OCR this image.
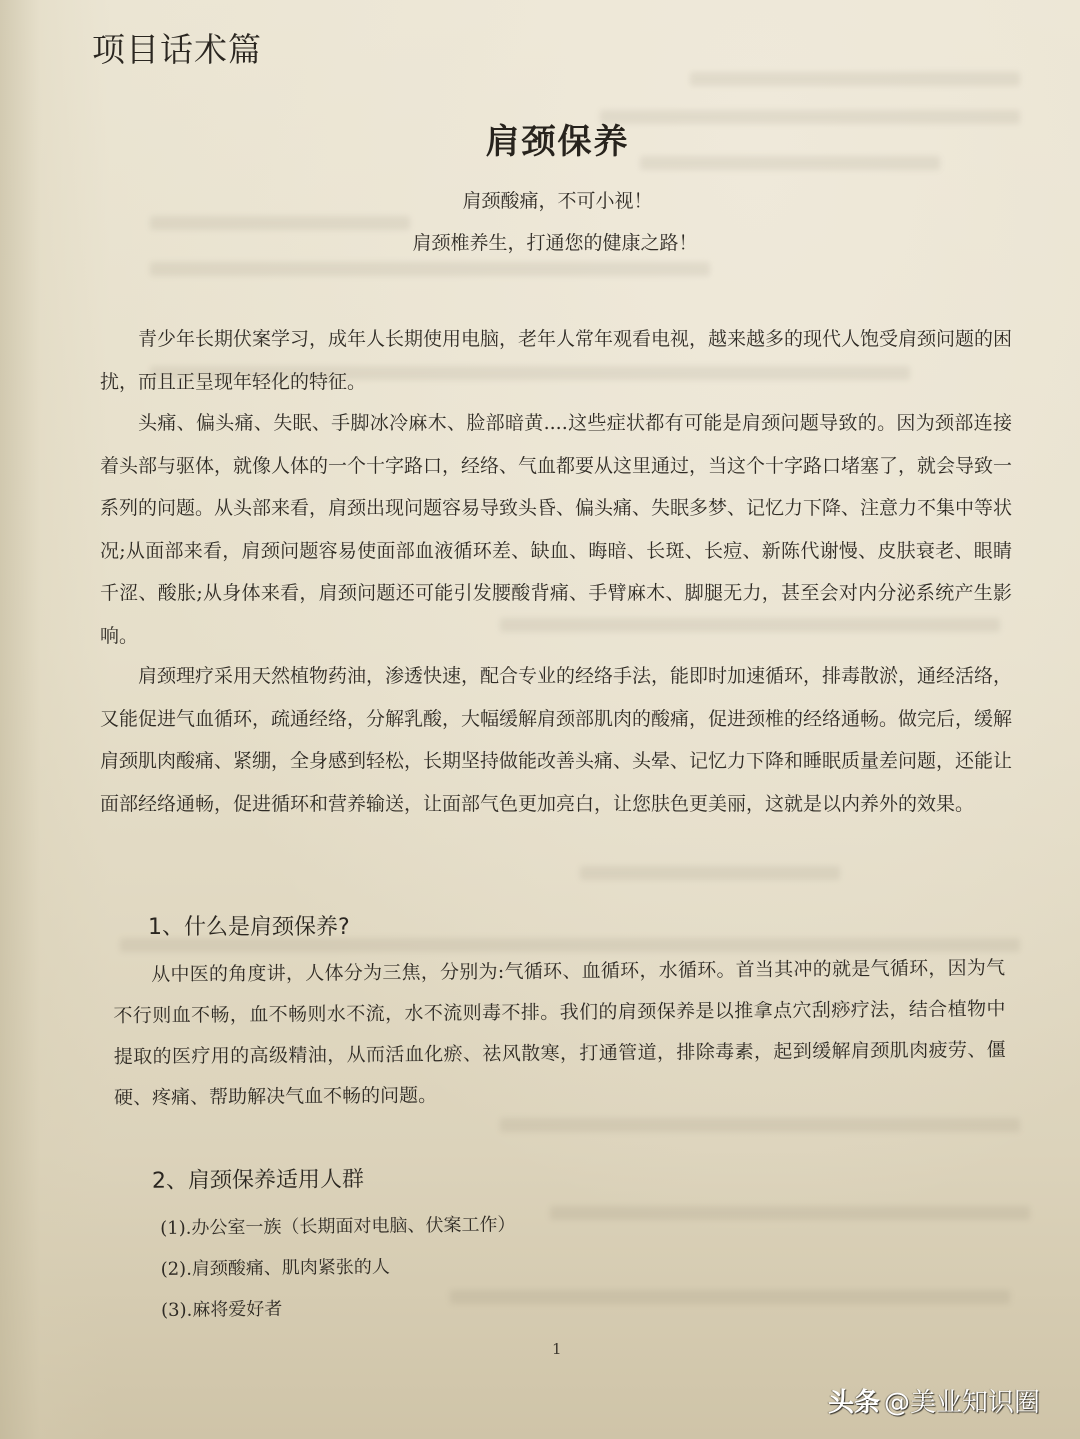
项目话术篇
肩颈保养
肩颈酸痛，不可小视！
肩颈椎养生，打通您的健康之路！

青少年长期伏案学习，成年人长期使用电脑，老年人常年观看电视，越来越多的现代人饱受肩颈问题的困扰，而且正呈现年轻化的特征。

头痛、偏头痛、失眠、手脚冰冷麻木、脸部暗黄....这些症状都有可能是肩颈问题导致的。因为颈部连接着头部与驱体，就像人体的一个十字路口，经络、气血都要从这里通过，当这个十字路口堵塞了，就会导致一系列的问题。从头部来看，肩颈出现问题容易导致头昏、偏头痛、失眠多梦、记忆力下降、注意力不集中等状况;从面部来看，肩颈问题容易使面部血液循环差、缺血、晦暗、长斑、长痘、新陈代谢慢、皮肤衰老、眼睛千涩、酸胀;从身体来看，肩颈问题还可能引发腰酸背痛、手臂麻木、脚腿无力，甚至会对内分泌系统产生影响。

肩颈理疗采用天然植物药油，渗透快速，配合专业的经络手法，能即时加速循环，排毒散淤，通经活络，又能促进气血循环，疏通经络，分解乳酸，大幅缓解肩颈部肌肉的酸痛，促进颈椎的经络通畅。做完后，缓解肩颈肌肉酸痛、紧绷，全身感到轻松，长期坚持做能改善头痛、头晕、记忆力下降和睡眠质量差问题，还能让面部经络通畅，促进循环和营养输送，让面部气色更加亮白，让您肤色更美丽，这就是以内养外的效果。

1、什么是肩颈保养?

从中医的角度讲，人体分为三焦，分别为:气循环、血循环，水循环。首当其冲的就是气循环，因为气不行则血不畅，血不畅则水不流，水不流则毒不排。我们的肩颈保养是以推拿点穴刮痧疗法，结合植物中提取的医疗用的高级精油，从而活血化瘀、祛风散寒，打通管道，排除毒素，起到缓解肩颈肌肉疲劳、僵硬、疼痛、帮助解决气血不畅的问题。

2、肩颈保养适用人群
(1).办公室一族（长期面对电脑、伏案工作）
(2).肩颈酸痛、肌肉紧张的人
(3).麻将爱好者
1
头条 @美业知识圈
